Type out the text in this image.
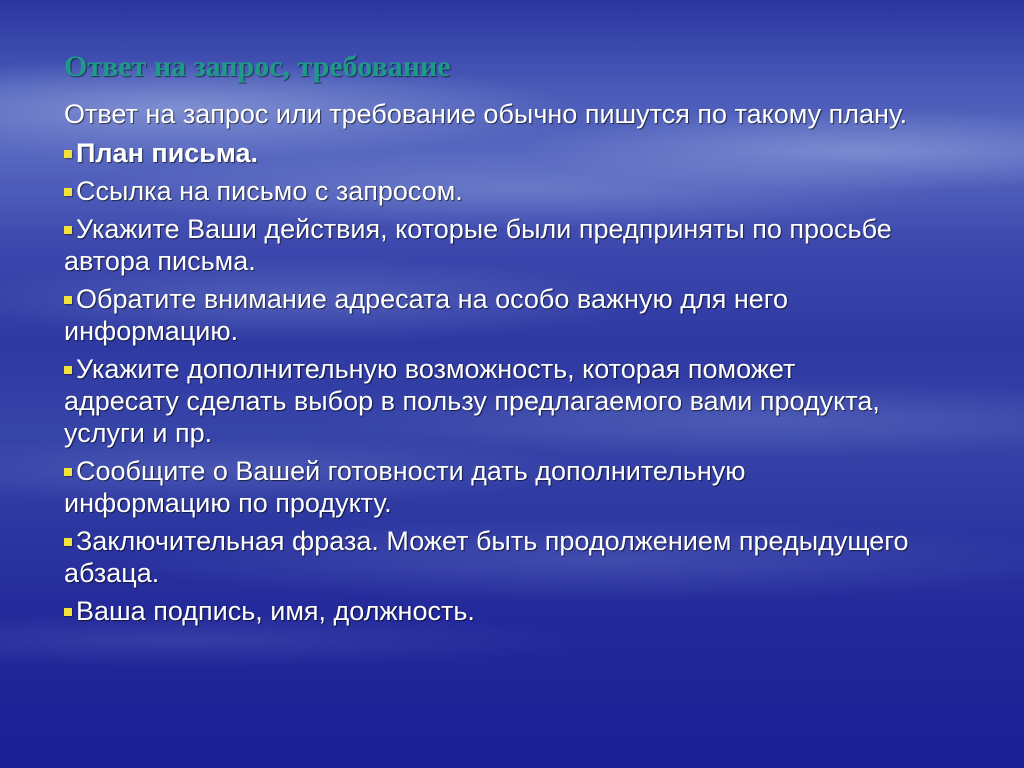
Ответ на запрос, требование

Ответ на запрос или требование обычно пишутся по такому плану.

План письма.
Ссылка на письмо с запросом.
Укажите Ваши действия, которые были предприняты по просьбе автора письма.
Обратите внимание адресата на особо важную для него информацию.
Укажите дополнительную возможность, которая поможет адресату сделать выбор в пользу предлагаемого вами продукта, услуги и пр.
Сообщите о Вашей готовности дать дополнительную информацию по продукту.
Заключительная фраза. Может быть продолжением предыдущего абзаца.
Ваша подпись, имя, должность.
